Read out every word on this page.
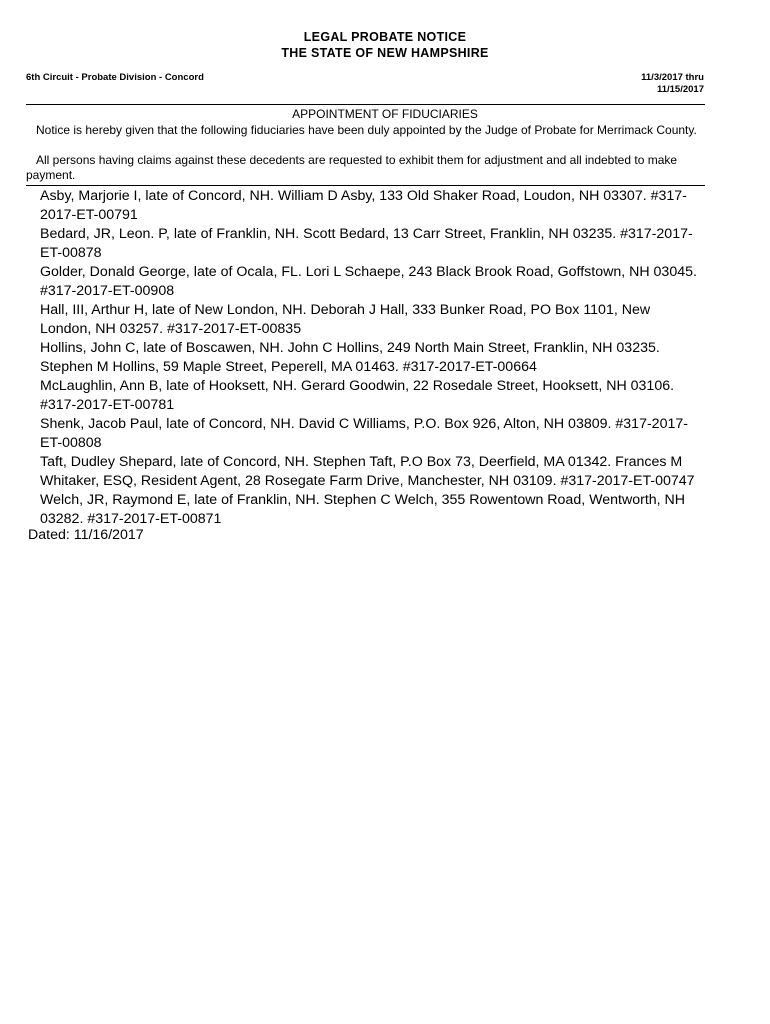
LEGAL PROBATE NOTICE
THE STATE OF NEW HAMPSHIRE
6th Circuit - Probate Division - Concord	11/3/2017 thru
11/15/2017
APPOINTMENT OF FIDUCIARIES

Notice is hereby given that the following fiduciaries have been duly appointed by the Judge of Probate for Merrimack County.

All persons having claims against these decedents are requested to exhibit them for adjustment and all indebted to make payment.

Asby, Marjorie I, late of Concord, NH. William D Asby, 133 Old Shaker Road, Loudon, NH 03307. #317-2017-ET-00791
Bedard, JR, Leon. P, late of Franklin, NH. Scott Bedard, 13 Carr Street, Franklin, NH 03235. #317-2017-ET-00878
Golder, Donald George, late of Ocala, FL. Lori L Schaepe, 243 Black Brook Road, Goffstown, NH 03045. #317-2017-ET-00908
Hall, III, Arthur H, late of New London, NH. Deborah J Hall, 333 Bunker Road, PO Box 1101, New London, NH 03257. #317-2017-ET-00835
Hollins, John C, late of Boscawen, NH. John C Hollins, 249 North Main Street, Franklin, NH 03235. Stephen M Hollins, 59 Maple Street, Peperell, MA 01463. #317-2017-ET-00664
McLaughlin, Ann B, late of Hooksett, NH. Gerard Goodwin, 22 Rosedale Street, Hooksett, NH 03106. #317-2017-ET-00781
Shenk, Jacob Paul, late of Concord, NH. David C Williams, P.O. Box 926, Alton, NH 03809. #317-2017-ET-00808
Taft, Dudley Shepard, late of Concord, NH. Stephen Taft, P.O Box 73, Deerfield, MA 01342. Frances M Whitaker, ESQ, Resident Agent, 28 Rosegate Farm Drive, Manchester, NH 03109. #317-2017-ET-00747
Welch, JR, Raymond E, late of Franklin, NH. Stephen C Welch, 355 Rowentown Road, Wentworth, NH 03282. #317-2017-ET-00871
Dated: 11/16/2017
